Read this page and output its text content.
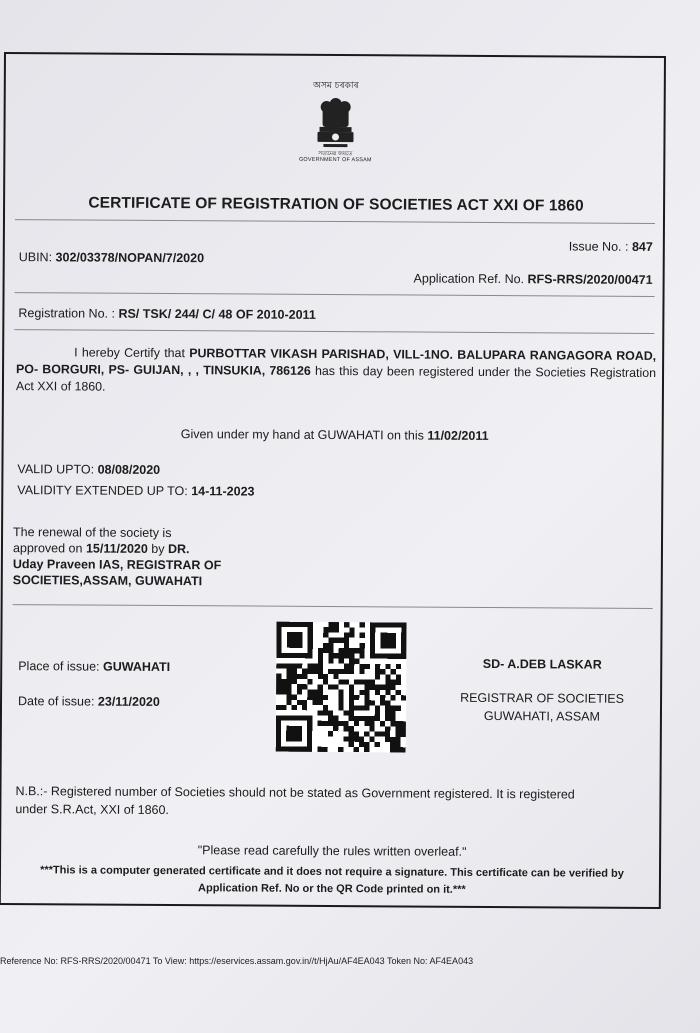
অসম চৰকাৰ
সত্যমেৱ জয়তে
GOVERNMENT OF ASSAM
CERTIFICATE OF REGISTRATION OF SOCIETIES ACT XXI OF 1860
Issue No. : 847
UBIN: 302/03378/NOPAN/7/2020
Application Ref. No. RFS-RRS/2020/00471
Registration No. : RS/ TSK/ 244/ C/ 48 OF 2010-2011
I hereby Certify that PURBOTTAR VIKASH PARISHAD, VILL-1NO. BALUPARA RANGAGORA ROAD, PO- BORGURI, PS- GUIJAN, , , TINSUKIA, 786126 has this day been registered under the Societies Registration Act XXI of 1860.
Given under my hand at GUWAHATI on this 11/02/2011
VALID UPTO: 08/08/2020
VALIDITY EXTENDED UP TO: 14-11-2023
The renewal of the society is
approved on 15/11/2020 by DR.
Uday Praveen IAS, REGISTRAR OF
SOCIETIES,ASSAM, GUWAHATI
Place of issue: GUWAHATI
Date of issue: 23/11/2020
SD- A.DEB LASKAR
REGISTRAR OF SOCIETIES
GUWAHATI, ASSAM
N.B.:- Registered number of Societies should not be stated as Government registered. It is registered
under S.R.Act, XXI of 1860.
"Please read carefully the rules written overleaf."
***This is a computer generated certificate and it does not require a signature. This certificate can be verified by
Application Ref. No or the QR Code printed on it.***
Reference No: RFS-RRS/2020/00471 To View: https://eservices.assam.gov.in//t/HjAu/AF4EA043 Token No: AF4EA043
